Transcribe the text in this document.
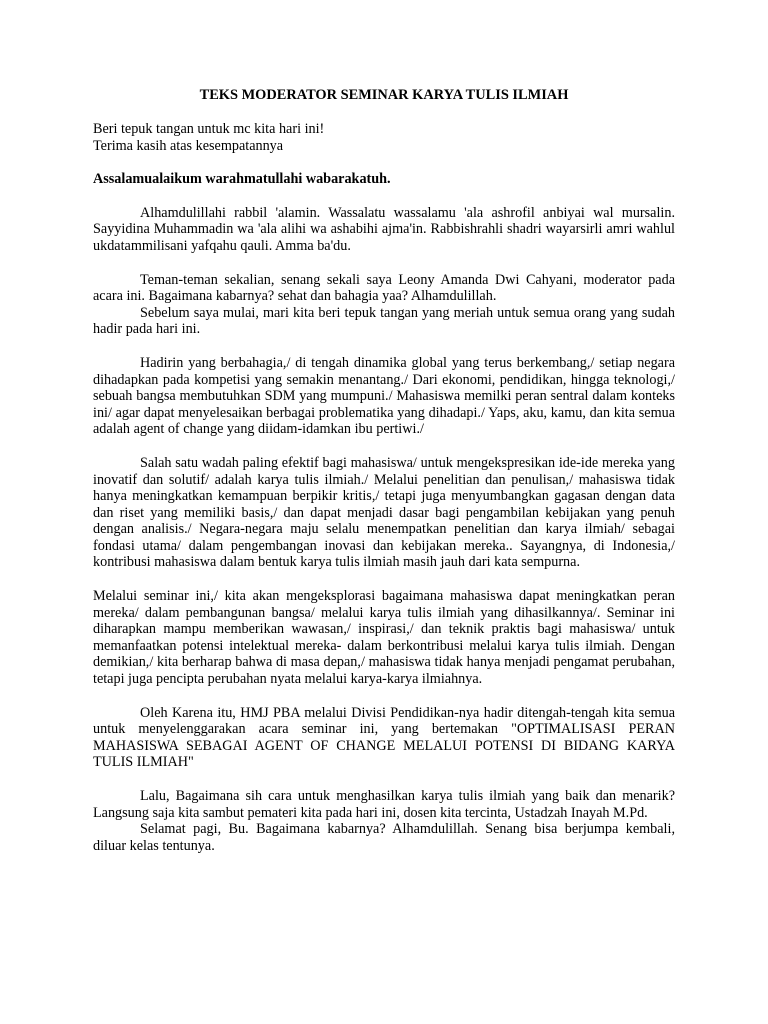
TEKS MODERATOR SEMINAR KARYA TULIS ILMIAH

Beri tepuk tangan untuk mc kita hari ini!

Terima kasih atas kesempatannya

Assalamualaikum warahmatullahi wabarakatuh.

Alhamdulillahi rabbil 'alamin. Wassalatu wassalamu 'ala ashrofil anbiyai wal mursalin. Sayyidina Muhammadin wa 'ala alihi wa ashabihi ajma'in. Rabbishrahli shadri wayarsirli amri wahlul ukdatammilisani yafqahu qauli. Amma ba'du.

Teman-teman sekalian, senang sekali saya Leony Amanda Dwi Cahyani, moderator pada acara ini. Bagaimana kabarnya? sehat dan bahagia yaa? Alhamdulillah.

Sebelum saya mulai, mari kita beri tepuk tangan yang meriah untuk semua orang yang sudah hadir pada hari ini.

Hadirin yang berbahagia,/ di tengah dinamika global yang terus berkembang,/ setiap negara dihadapkan pada kompetisi yang semakin menantang./ Dari ekonomi, pendidikan, hingga teknologi,/ sebuah bangsa membutuhkan SDM yang mumpuni./ Mahasiswa memilki peran sentral dalam konteks ini/ agar dapat menyelesaikan berbagai problematika yang dihadapi./ Yaps, aku, kamu, dan kita semua adalah agent of change yang diidam-idamkan ibu pertiwi./

Salah satu wadah paling efektif bagi mahasiswa/ untuk mengekspresikan ide-ide mereka yang inovatif dan solutif/ adalah karya tulis ilmiah./ Melalui penelitian dan penulisan,/ mahasiswa tidak hanya meningkatkan kemampuan berpikir kritis,/ tetapi juga menyumbangkan gagasan dengan data dan riset yang memiliki basis,/ dan dapat menjadi dasar bagi pengambilan kebijakan yang penuh dengan analisis./ Negara-negara maju selalu menempatkan penelitian dan karya ilmiah/ sebagai fondasi utama/ dalam pengembangan inovasi dan kebijakan mereka.. Sayangnya, di Indonesia,/ kontribusi mahasiswa dalam bentuk karya tulis ilmiah masih jauh dari kata sempurna.

Melalui seminar ini,/ kita akan mengeksplorasi bagaimana mahasiswa dapat meningkatkan peran mereka/ dalam pembangunan bangsa/ melalui karya tulis ilmiah yang dihasilkannya/. Seminar ini diharapkan mampu memberikan wawasan,/ inspirasi,/ dan teknik praktis bagi mahasiswa/ untuk memanfaatkan potensi intelektual mereka- dalam berkontribusi melalui karya tulis ilmiah. Dengan demikian,/ kita berharap bahwa di masa depan,/ mahasiswa tidak hanya menjadi pengamat perubahan, tetapi juga pencipta perubahan nyata melalui karya-karya ilmiahnya.

Oleh Karena itu, HMJ PBA melalui Divisi Pendidikan-nya hadir ditengah-tengah kita semua untuk menyelenggarakan acara seminar ini, yang bertemakan "OPTIMALISASI PERAN MAHASISWA SEBAGAI AGENT OF CHANGE MELALUI POTENSI DI BIDANG KARYA TULIS ILMIAH"

Lalu, Bagaimana sih cara untuk menghasilkan karya tulis ilmiah yang baik dan menarik? Langsung saja kita sambut pemateri kita pada hari ini, dosen kita tercinta, Ustadzah Inayah M.Pd.

Selamat pagi, Bu. Bagaimana kabarnya? Alhamdulillah. Senang bisa berjumpa kembali, diluar kelas tentunya.
